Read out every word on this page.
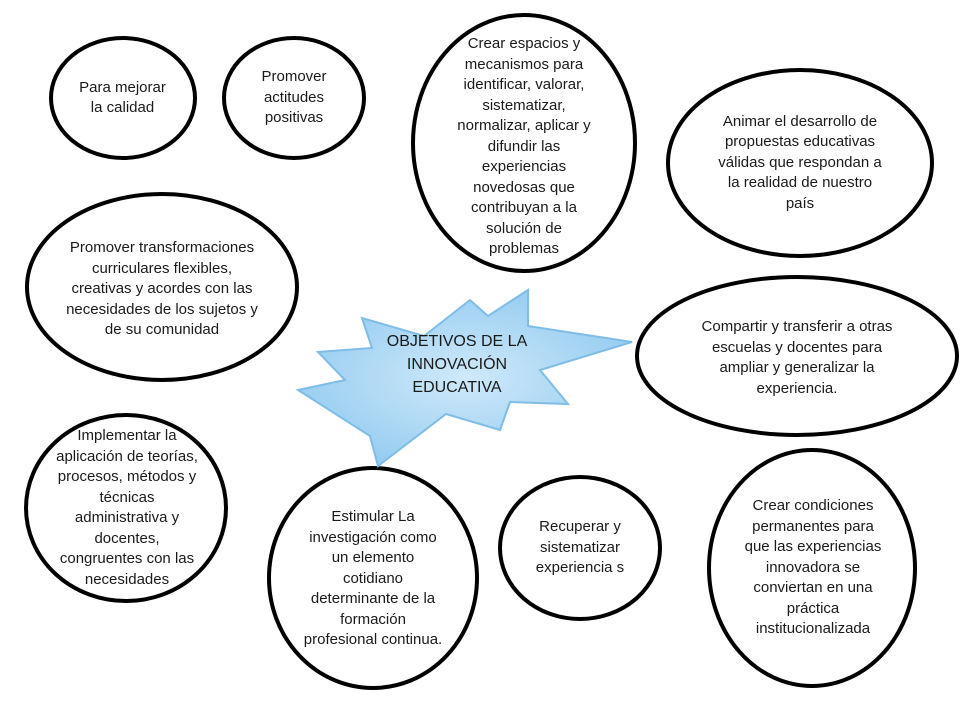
OBJETIVOS DE LA INNOVACIÓN EDUCATIVA
Para mejorar la calidad
Promover actitudes positivas
Crear espacios y mecanismos para identificar, valorar, sistematizar, normalizar, aplicar y difundir las experiencias novedosas que contribuyan a la solución de problemas
Animar el desarrollo de propuestas educativas válidas que respondan a la realidad de nuestro país
Promover transformaciones curriculares flexibles, creativas y acordes con las necesidades de los sujetos y de su comunidad	Compartir y transferir a otras escuelas y docentes para ampliar y generalizar la experiencia.
Implementar la aplicación de teorías, procesos, métodos y técnicas administrativa y docentes, congruentes con las necesidades
Estimular La investigación como un elemento cotidiano determinante de la formación profesional continua.
Recuperar y sistematizar experiencia s
Crear condiciones permanentes para que las experiencias innovadora se conviertan en una práctica institucionalizada
